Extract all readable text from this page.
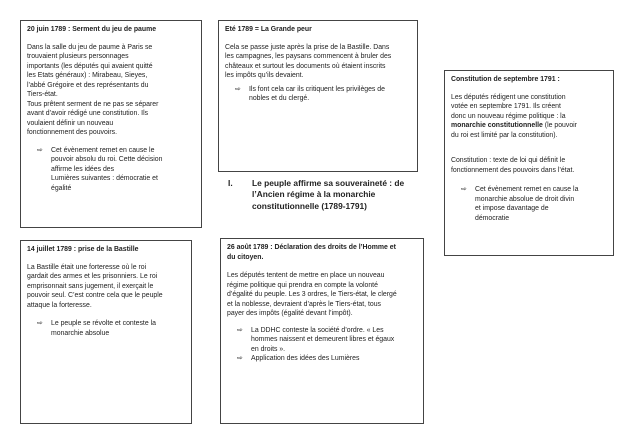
20 juin 1789 : Serment du jeu de paume

Dans la salle du jeu de paume à Paris se

trouvaient plusieurs personnages

importants (les députés qui avaient quitté

les Etats généraux) : Mirabeau, Sieyes,

l’abbé Grégoire et des représentants du

Tiers-état.

Tous prêtent serment de ne pas se séparer

avant d’avoir rédigé une constitution. Ils

voulaient définir un nouveau

fonctionnement des pouvoirs.

⇨	Cet évènement remet en cause le

pouvoir absolu du roi. Cette décision

affirme les idées des

Lumières suivantes : démocratie et

égalité

Eté 1789 = La Grande peur

Cela se passe juste après la prise de la Bastille. Dans

les campagnes, les paysans commencent à bruler des

châteaux et surtout les documents où étaient inscrits

les impôts qu’ils devaient.

⇨	Ils font cela car ils critiquent les privilèges de

nobles et du clergé.

Constitution de septembre 1791 :

Les députés rédigent une constitution

votée en septembre 1791. Ils créent

donc un nouveau régime politique : la

monarchie constitutionnelle (le pouvoir

du roi est limité par la constitution).

Constitution : texte de loi qui définit le

fonctionnement des pouvoirs dans l’état.

⇨	Cet évènement remet en cause la

monarchie absolue de droit divin

et impose davantage de

démocratie

I.	Le peuple affirme sa souveraineté : de

l’Ancien régime à la monarchie

constitutionnelle (1789-1791)

14 juillet 1789 : prise de la Bastille

La Bastille était une forteresse où le roi

gardait des armes et les prisonniers. Le roi

emprisonnait sans jugement, il exerçait le

pouvoir seul. C’est contre cela que le peuple

attaque la forteresse.

⇨	Le peuple se révolte et conteste la

monarchie absolue

26 août 1789 : Déclaration des droits de l’Homme et

du citoyen.

Les députés tentent de mettre en place un nouveau

régime politique qui prendra en compte la volonté

d’égalité du peuple. Les 3 ordres, le Tiers-état, le clergé

et la noblesse, devraient d’après le Tiers-état, tous

payer des impôts (égalité devant l’impôt).

⇨	La DDHC conteste la société d’ordre. « Les

hommes naissent et demeurent libres et égaux

en droits ».

⇨	Application des idées des Lumières
